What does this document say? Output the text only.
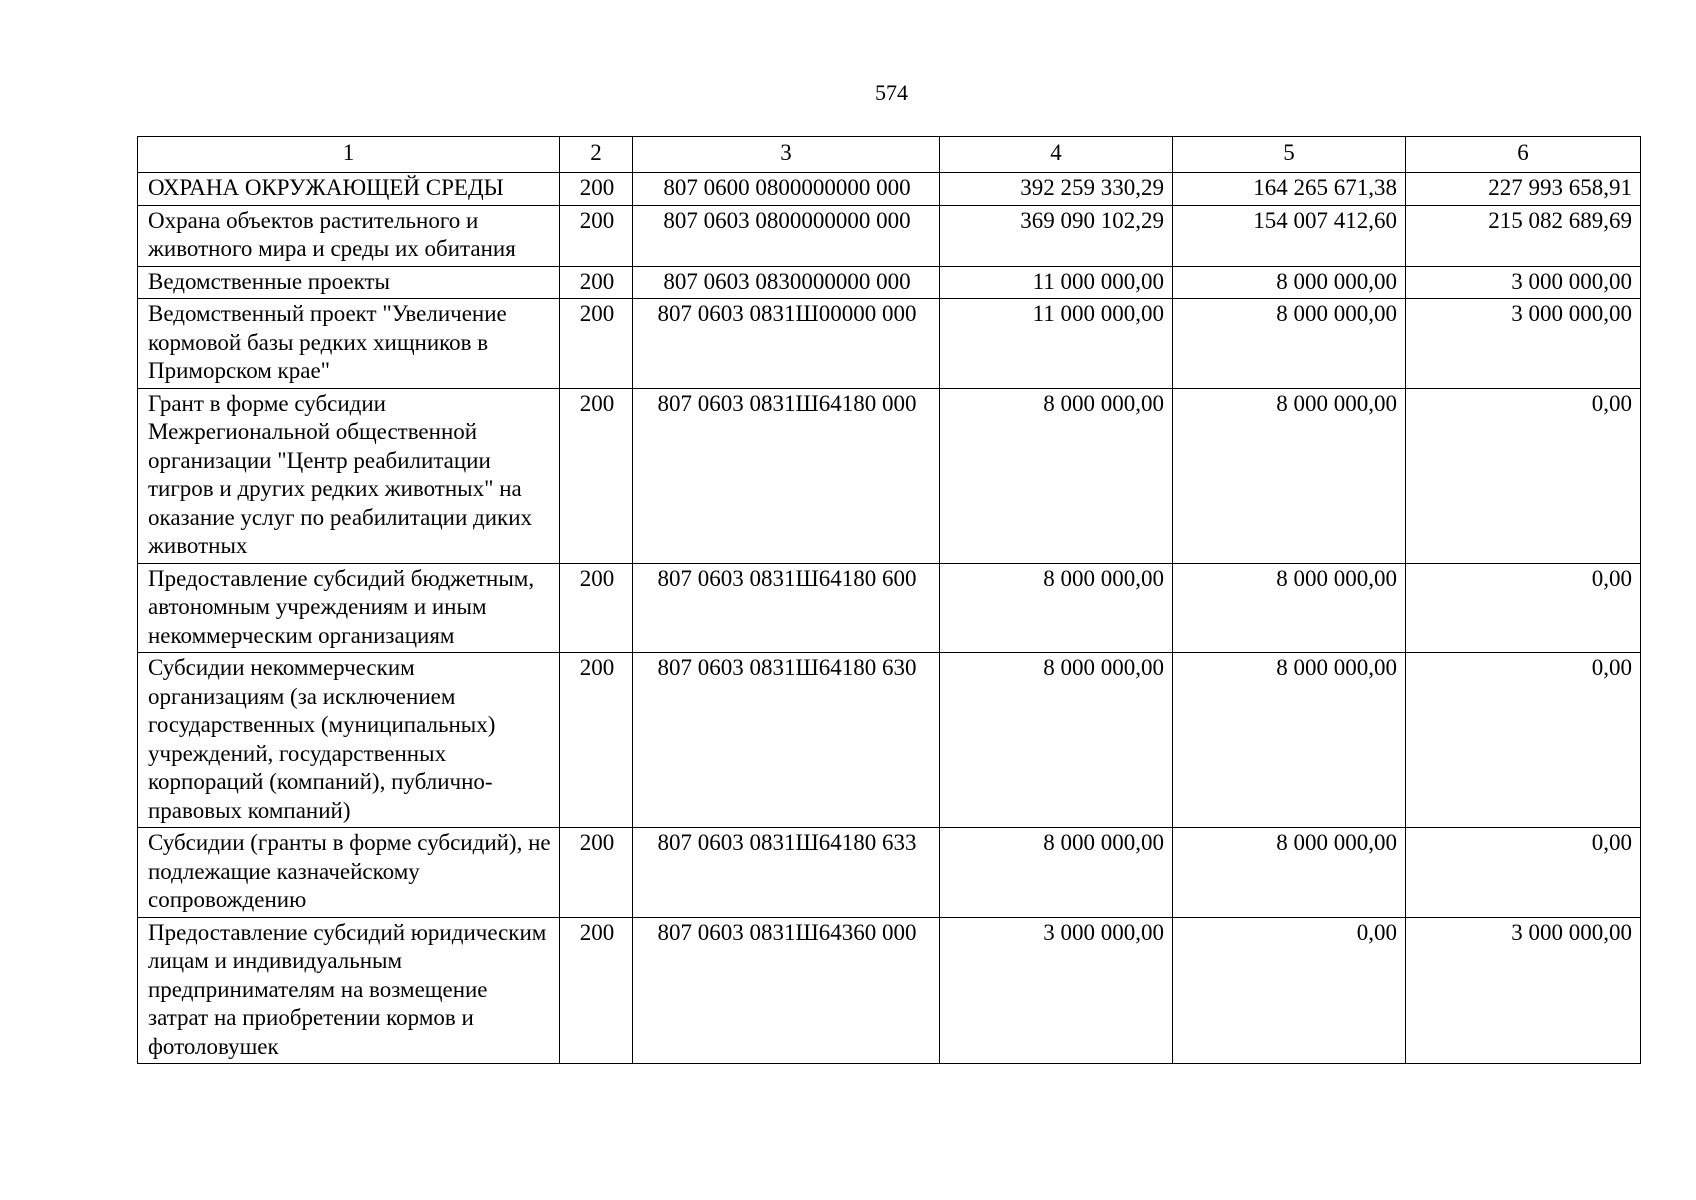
574
1	2	3	4	5	6
ОХРАНА ОКРУЖАЮЩЕЙ СРЕДЫ	200	807 0600 0800000000 000	392 259 330,29	164 265 671,38	227 993 658,91
Охрана объектов растительного и животного мира и среды их обитания	200	807 0603 0800000000 000	369 090 102,29	154 007 412,60	215 082 689,69
Ведомственные проекты	200	807 0603 0830000000 000	11 000 000,00	8 000 000,00	3 000 000,00
Ведомственный проект "Увеличение кормовой базы редких хищников в Приморском крае"	200	807 0603 0831Ш00000 000	11 000 000,00	8 000 000,00	3 000 000,00
Грант в форме субсидии Межрегиональной общественной организации "Центр реабилитации тигров и других редких животных" на оказание услуг по реабилитации диких животных	200	807 0603 0831Ш64180 000	8 000 000,00	8 000 000,00	0,00
Предоставление субсидий бюджетным, автономным учреждениям и иным некоммерческим организациям	200	807 0603 0831Ш64180 600	8 000 000,00	8 000 000,00	0,00
Субсидии некоммерческим организациям (за исключением государственных (муниципальных) учреждений, государственных корпораций (компаний), публично-правовых компаний)	200	807 0603 0831Ш64180 630	8 000 000,00	8 000 000,00	0,00
Субсидии (гранты в форме субсидий), не подлежащие казначейскому сопровождению	200	807 0603 0831Ш64180 633	8 000 000,00	8 000 000,00	0,00
Предоставление субсидий юридическим лицам и индивидуальным предпринимателям на возмещение затрат на приобретении кормов и фотоловушек	200	807 0603 0831Ш64360 000	3 000 000,00	0,00	3 000 000,00
